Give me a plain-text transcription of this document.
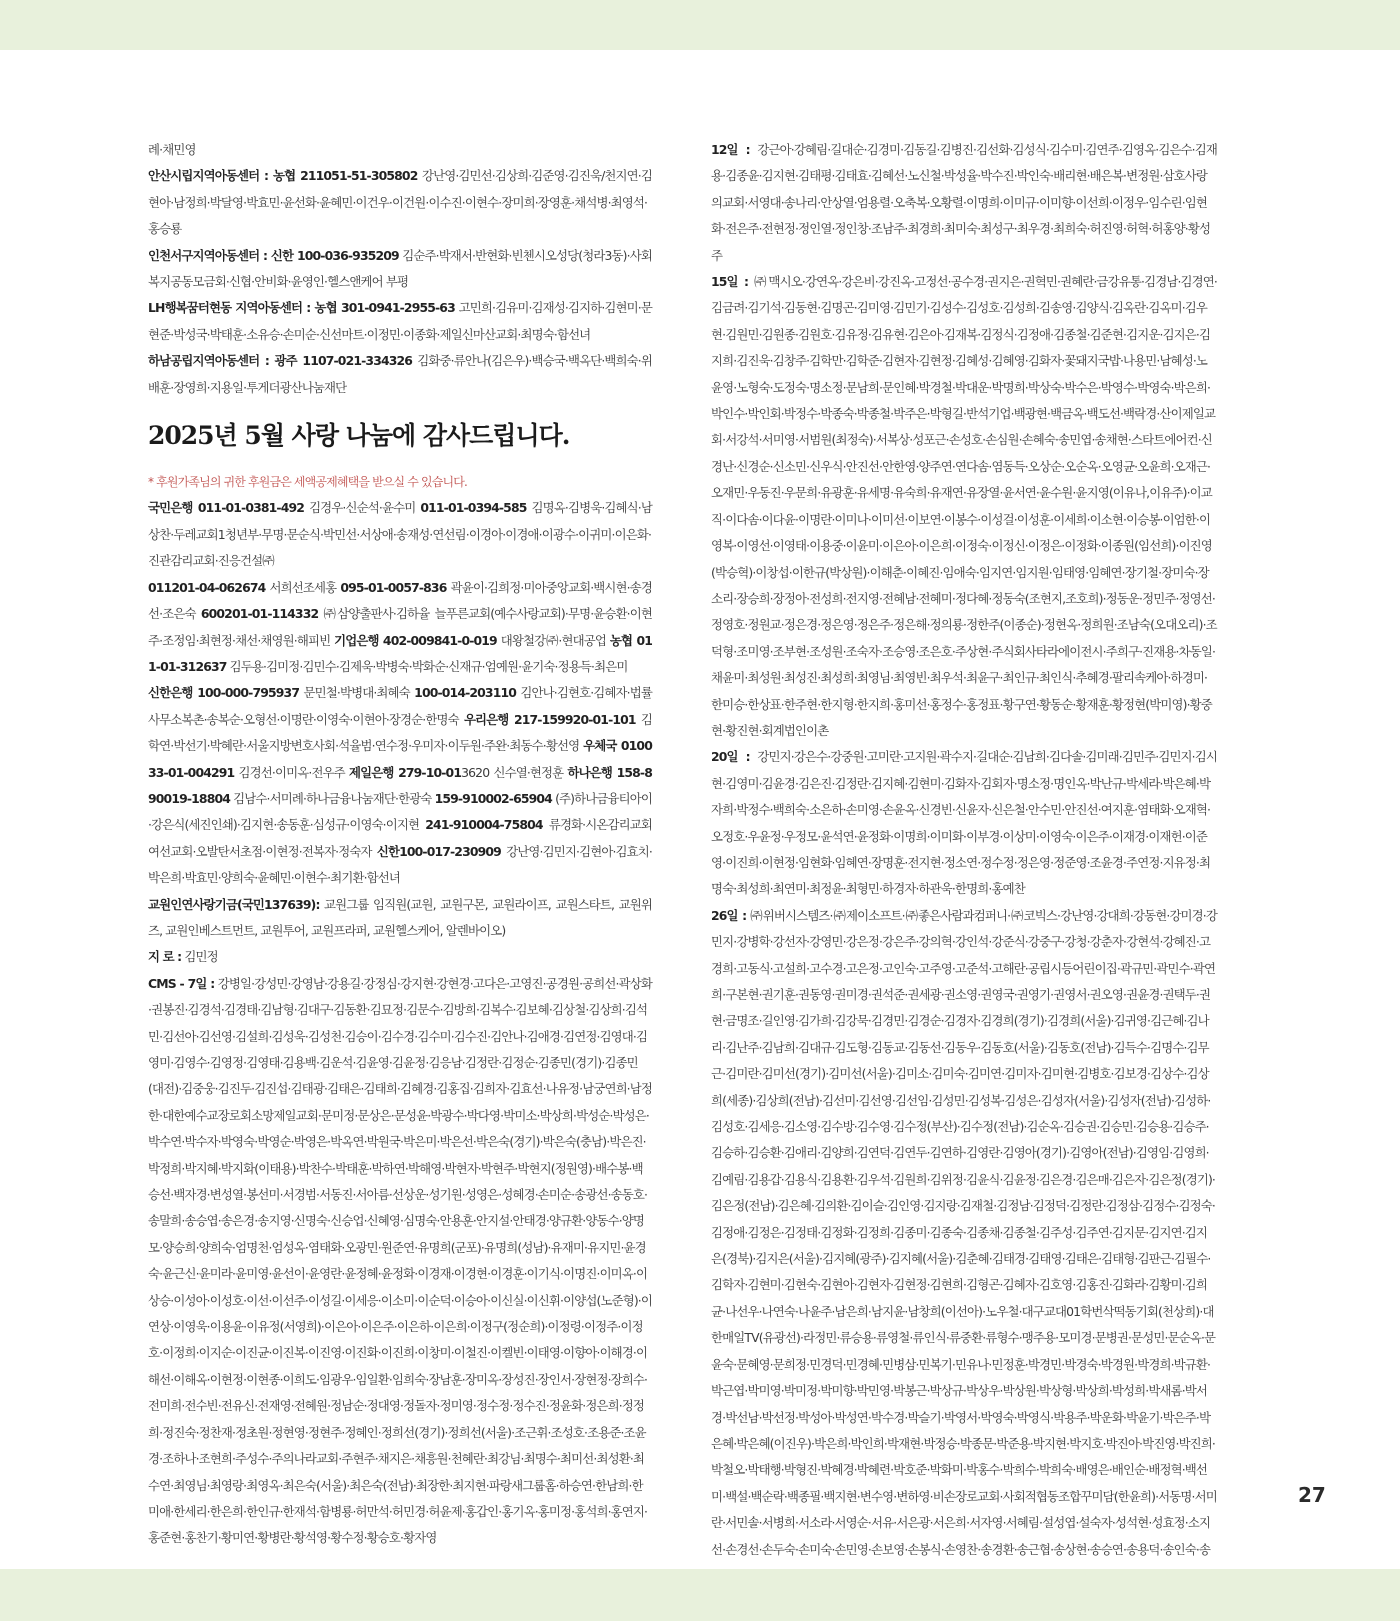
례·채민영

안산시립지역아동센터 : 농협 211051-51-305802 강난영·김민선·김상희·김준영·김진욱/천지연·김현아·남정희·박달영·박효민·윤선화·윤혜민·이건우·이건원·이수진·이현수·장미희·장영훈·채석병·최영석·홍승룡

인천서구지역아동센터 : 신한 100-036-935209 김순주·박재서·반현화·빈첸시오성당(청라3동)·사회복지공동모금회·신협·안비화·윤영인·헬스앤케어 부평

LH행복꿈터현동 지역아동센터 : 농협 301-0941-2955-63 고민희·김유미·김재성·김지하·김현미·문현준·박성국·박태훈·소유승·손미순·신선마트·이정민·이종화·제일신마산교회·최명숙·함선녀

하남공립지역아동센터 : 광주 1107-021-334326 김화중·류안나(김은우)·백승국·백옥단·백희숙·위배훈·장영희·지용일·투게더광산나눔재단

2025년 5월 사랑 나눔에 감사드립니다.

* 후원가족님의 귀한 후원금은 세액공제혜택을 받으실 수 있습니다.

국민은행 011-01-0381-492 김경우·신순석·윤수미 011-01-0394-585 김명옥·김병욱·김혜식·남상찬·두레교회1청년부·무명·문순식·박민선·서상애·송재성·연선림·이경아·이경애·이광수·이귀미·이은화·진관감리교회·진응건설㈜

011201-04-062674 서희선조세홍 095-01-0057-836 곽윤이·김희정·미아중앙교회·백시현·송경선·조은숙 600201-01-114332 ㈜삼양출판사·김하율 늘푸른교회(예수사랑교회)·무명·윤승환·이현주·조정임·최현정·채선·채영원·해피빈 기업은행 402-009841-0-019 대왕철강㈜·현대공업 농협 011-01-312637 김두용·김미정·김민수·김제욱·박병숙·박화순·신재규·엄예원·윤기숙·정용득·최은미

신한은행 100-000-795937 문민철·박병대·최혜숙 100-014-203110 김안나·김현호·김혜자·법률사무소복촌·송복순·오형선·이명란·이영숙·이현아·장경순·한명숙 우리은행 217-159920-01-101 김학연·박선기·박혜란·서울지방변호사회·석율범·연수정·우미자·이두원·주완·최동수·황선영 우체국 010033-01-004291 김경선·이미옥·전우주 제일은행 279-10-013620 신수열·현정훈 하나은행 158-890019-18804 김남수·서미례·하나금융나눔재단·한광숙 159-910002-65904 (주)하나금융티아이·강은식(세진인쇄)·김지현·송동훈·심성규·이영숙·이지현 241-910004-75804 류경화·시온감리교회여선교회·오발탄서초점·이현정·전복자·정숙자 신한100-017-230909 강난영·김민지·김현아·김효치·박은희·박효민·양희숙·윤혜민·이현수·최기환·함선녀

교원인연사랑기금(국민137639): 교원그룹 임직원(교원, 교원구몬, 교원라이프, 교원스타트, 교원위즈, 교원인베스트먼트, 교원투어, 교원프라퍼, 교원헬스케어, 알렌바이오)

지 로 : 김민정

CMS - 7일 : 강병일·강성민·강영남·강용길·강정심·강지현·강현경·고다은·고영진·공경원·공희선·곽상화·권봉진·김경석·김경태·김남형·김대구·김동환·김묘정·김문수·김방희·김복수·김보혜·김상철·김상희·김석민·김선아·김선영·김설희·김성욱·김성천·김승이·김수경·김수미·김수진·김안나·김애경·김연정·김영대·김영미·김영수·김영정·김영태·김용백·김운석·김윤영·김윤정·김응남·김정란·김정순·김종민(경기)·김종민(대전)·김중웅·김진두·김진섭·김태광·김태은·김태희·김혜경·김홍집·김희자·김효선·나유정·남궁연희·남정한·대한예수교장로회소망제일교회·문미정·문상은·문성윤·박광수·박다영·박미소·박상희·박성순·박성은·박수연·박수자·박영숙·박영순·박영은·박옥연·박원국·박은미·박은선·박은숙(경기)·박은숙(충남)·박은진·박정희·박지혜·박지화(이태용)·박찬수·박태훈·박하연·박해영·박현자·박현주·박현지(정원영)·배수봉·백승선·백자경·변성열·봉선미·서경범·서동진·서아름·선상운·성기원·성영은·성혜경·손미순·송광선·송동호·송말희·송승엽·송은경·송지영·신명숙·신승업·신혜영·심명숙·안용훈·안지설·안태경·양규환·양동수·양명모·양승희·양희숙·엄명천·엄성옥·염태화·오광민·원준연·유명희(군포)·유명희(성남)·유재미·유지민·윤경숙·윤근신·윤미라·윤미영·윤선이·윤영란·윤정혜·윤정화·이경재·이경현·이경훈·이기식·이명진·이미옥·이상승·이성아·이성호·이선·이선주·이성길·이세응·이소미·이순덕·이승아·이신실·이신휘·이양섭(노준형)·이연상·이영욱·이용윤·이유정(서영희)·이은아·이은주·이은하·이은희·이정구(정순희)·이정령·이정주·이정호·이정희·이지순·이진균·이진복·이진영·이진화·이진희·이창미·이철진·이켈빈·이태영·이향아·이해경·이해선·이해옥·이현정·이현종·이희도·임광우·임일환·임희숙·장남훈·장미옥·장성진·장인서·장현정·장희수·전미희·전수빈·전유신·전재영·전혜원·정남순·정대영·정돌자·정미영·정수정·정수진·정윤화·정은희·정정희·정진숙·정찬재·정초원·정현영·정현주·정혜인·정희선(경기)·정희선(서울)·조근휘·조성호·조용준·조윤경·조하나·조현희·주성수·주의나라교회·주현주·채지은·채흥원·천혜란·최강님·최명수·최미선·최성환·최수연·최영님·최영랑·최영옥·최은숙(서울)·최은숙(전남)·최장한·최지현·파랑새그룹홈·하승연·한남희·한미애·한세리·한은희·한인규·한재석·함병룡·허만석·허민경·허윤제·홍갑인·홍기옥·홍미정·홍석희·홍연지·홍준현·홍찬기·황미연·황병란·황석영·황수정·황승호·황자영

12일 : 강근아·강혜림·길대순·김경미·김동길·김병진·김선화·김성식·김수미·김연주·김영옥·김은수·김재용·김종윤·김지현·김태평·김태효·김혜선·노신철·박성율·박수진·박인숙·배리현·배은복·변정원·삼호사랑의교회·서영대·송나리·안상열·엄용렬·오축복·오황렬·이명희·이미규·이미향·이선희·이정우·임수린·임현화·전은주·전현정·정인열·정인창·조남주·최경희·최미숙·최성구·최우경·최희숙·허진영·허혁·허홍양·황성주

15일 : ㈜맥시오·강연옥·강은비·강진옥·고정선·공수경·권지은·권혁민·권혜란·금강유통·김경남·김경연·김금려·김기석·김동현·김명곤·김미영·김민기·김성수·김성호·김성희·김송영·김양식·김옥란·김옥미·김우현·김원민·김원종·김원호·김유정·김유현·김은아·김재복·김정식·김정애·김종철·김준현·김지운·김지은·김지희·김진욱·김창주·김학만·김학준·김현자·김현정·김혜성·김혜영·김화자·꽃돼지국밥·나용민·남혜성·노윤영·노형숙·도정숙·명소정·문남희·문인혜·박경철·박대운·박명희·박상숙·박수은·박영수·박영숙·박은희·박인수·박인회·박정수·박종숙·박종철·박주은·박형길·반석기업·백광현·백금옥·백도선·백락경·산이제일교회·서강석·서미영·서범원(최정숙)·서복상·성포근·손성호·손심원·손혜숙·송민엽·송채현·스타트에어컨·신경난·신경순·신소민·신우식·안진선·안한영·양주연·연다솜·염동득·오상순·오순옥·오영균·오윤희·오재근·오재민·우동진·우문희·유광훈·유세명·유숙희·유재연·유장열·윤서연·윤수원·윤지영(이유나,이유주)·이교직·이다솜·이다윤·이명란·이미나·이미선·이보연·이봉수·이성걸·이성훈·이세희·이소현·이승봉·이엄한·이영복·이영선·이영태·이용중·이윤미·이은아·이은희·이정숙·이정신·이정은·이정화·이종원(임선희)·이진영(박승혁)·이창섭·이한규(박상원)·이해춘·이혜진·임애숙·임지연·임지원·임태영·임혜연·장기철·장미숙·장소리·장승희·장정아·전성희·전지영·전혜남·전혜미·정다혜·정동숙(조현지,조호희)·정동운·정민주·정영선·정영호·정원교·정은경·정은영·정은주·정은해·정의룡·정한주(이종순)·정현옥·정희원·조남숙(오대오리)·조덕형·조미영·조부현·조성원·조숙자·조승영·조은호·주상현·주식회사타라에이전시·주희구·진재용·차동일·채윤미·최성원·최성진·최성희·최영님·최영빈·최우석·최윤구·최인규·최인식·추혜경·팔리속케아·하경미·한미승·한상표·한주현·한지형·한지희·홍미선·홍정수·홍정표·황구연·황동순·황재훈·황정현(박미영)·황중현·황진현·회계법인이촌

20일 : 강민지·강은수·강중원·고미란·고지원·곽수지·길대순·김남희·김다솔·김미래·김민주·김민지·김시현·김영미·김윤경·김은진·김정란·김지혜·김현미·김화자·김회자·명소정·명인옥·박난규·박세라·박은혜·박자희·박정수·백희숙·소은하·손미영·손윤옥·신경빈·신윤자·신은철·안수민·안진선·여지훈·염태화·오재혁·오정호·우윤정·우정모·윤석연·윤정화·이명희·이미화·이부경·이상미·이영숙·이은주·이재경·이재헌·이준영·이진희·이현정·임현화·임혜연·장명훈·전지현·정소연·정수정·정은영·정준영·조윤경·주연정·지유정·최명숙·최성희·최연미·최정윤·최형민·하경자·하관욱·한명희·홍예찬

26일 : ㈜위버시스템즈·㈜제이소프트·㈜좋은사람과컴퍼니·㈜코빅스·강난영·강대희·강동현·강미경·강민지·강병학·강선자·강영민·강은정·강은주·강의혁·강인석·강준식·강중구·강청·강춘자·강현석·강혜진·고경희·고동식·고설희·고수경·고은정·고인숙·고주영·고준석·고해란·공립시등어린이집·곽규민·곽민수·곽연희·구본현·권기훈·권동영·권미경·권석준·권세광·권소영·권영국·권영기·권영서·권오영·권윤경·권택두·권현·금명조·길인영·김가희·김강묵·김경민·김경순·김경자·김경희(경기)·김경희(서울)·김귀영·김근혜·김나리·김난주·김남희·김대규·김도형·김동교·김동선·김동우·김동호(서울)·김동호(전남)·김득수·김명수·김무근·김미란·김미선(경기)·김미선(서울)·김미소·김미숙·김미연·김미자·김미현·김병호·김보경·김상수·김상희(세종)·김상희(전남)·김선미·김선영·김선임·김성민·김성복·김성은·김성자(서울)·김성자(전남)·김성하·김성호·김세응·김소영·김수방·김수영·김수정(부산)·김수정(전남)·김순옥·김승권·김승민·김승용·김승주·김승하·김승환·김애리·김양희·김연덕·김연두·김연하·김영란·김영아(경기)·김영아(전남)·김영임·김영희·김예림·김용갑·김용식·김용환·김우석·김원희·김위정·김윤식·김윤정·김은경·김은매·김은자·김은정(경기)·김은정(전남)·김은혜·김의환·김이슬·김인영·김지랑·김재철·김정남·김정덕·김정란·김정삼·김정수·김정숙·김정애·김정은·김정태·김정화·김정희·김종미·김종숙·김종채·김종철·김주성·김주연·김지문·김지연·김지은(경북)·김지은(서울)·김지혜(광주)·김지혜(서울)·김춘혜·김태경·김태영·김태은·김태형·김판근·김필수·김학자·김현미·김현숙·김현아·김현자·김현정·김현희·김형곤·김혜자·김호영·김홍진·김화라·김황미·김희균·나선우·나연숙·나윤주·남은희·남지윤·남창희(이선아)·노우철·대구교대01학번삭떡동기회(천상희)·대한매일TV(유광선)·라정민·류승용·류영철·류인식·류중환·류형수·맹주용·모미경·문병권·문성민·문순옥·문윤숙·문혜영·문희정·민경덕·민경혜·민병삼·민복기·민유나·민정훈·박경민·박경숙·박경원·박경희·박규환·박근엽·박미영·박미정·박미향·박민영·박봉근·박상규·박상우·박상원·박상형·박상희·박성희·박새롬·박서경·박선남·박선정·박성아·박성연·박수경·박슬기·박영서·박영숙·박영식·박용주·박운화·박윤기·박은주·박은혜·박은혜(이진우)·박은희·박인희·박재현·박정승·박종문·박준용·박지현·박지호·박진아·박진영·박진희·박철오·박태행·박형진·박혜경·박혜련·박호준·박화미·박홍수·박희수·박희숙·배영은·배인순·배정혁·백선미·백설·백순락·백종필·백지현·변수영·변하영·비손장로교회·사회적협동조합꾸미담(한윤희)·서동명·서미란·서민솔·서병희·서소라·서영순·서유·서은광·서은희·서자영·서혜림·설성엽·설숙자·성석현·성효정·소지선·손경선·손두숙·손미숙·손민영·손보영·손봉식·손영찬·송경환·송근협·송상현·송승연·송용덕·송인숙·송

27
